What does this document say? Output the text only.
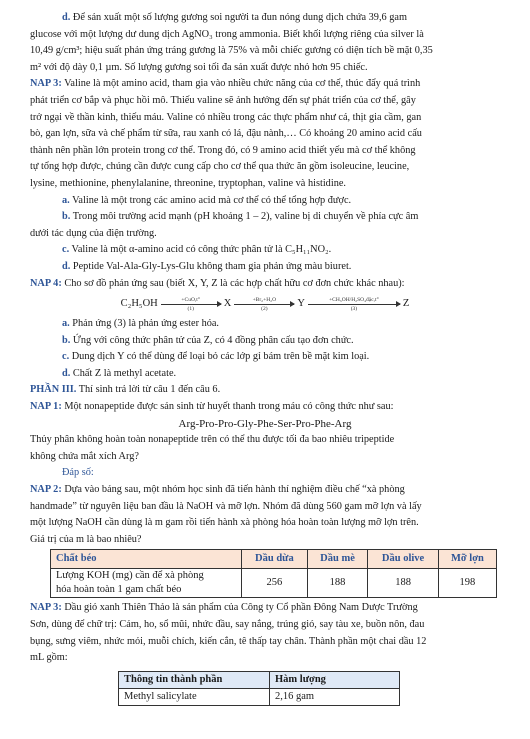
d. Để sản xuất một số lượng gương soi người ta đun nóng dung dịch chứa 39,6 gam

glucose với một lượng dư dung dịch AgNO₃ trong ammonia. Biết khối lượng riêng của silver là

10,49 g/cm³; hiệu suất phản ứng tráng gương là 75% và mỗi chiếc gương có diện tích bề mặt 0,35

m² với độ dày 0,1 µm. Số lượng gương soi tối đa sản xuất được nhỏ hơn 95 chiếc.

NAP 3: Valine là một amino acid, tham gia vào nhiều chức năng của cơ thể, thúc đẩy quá trình

phát triển cơ bắp và phục hồi mô. Thiếu valine sẽ ảnh hưởng đến sự phát triển của cơ thể, gây

trở ngại về thần kinh, thiếu máu. Valine có nhiều trong các thực phẩm như cá, thịt gia cầm, gan

bò, gan lợn, sữa và chế phẩm từ sữa, rau xanh có lá, đậu nành,… Có khoảng 20 amino acid cấu

thành nên phần lớn protein trong cơ thể. Trong đó, có 9 amino acid thiết yếu mà cơ thể không

tự tổng hợp được, chúng cần được cung cấp cho cơ thể qua thức ăn gồm isoleucine, leucine,

lysine, methionine, phenylalanine, threonine, tryptophan, valine và histidine.

a. Valine là một trong các amino acid mà cơ thể có thể tổng hợp được.

b. Trong môi trường acid mạnh (pH khoảng 1 – 2), valine bị di chuyển về phía cực âm

dưới tác dụng của điện trường.

c. Valine là một α-amino acid có công thức phân tử là C₅H₁₁NO₂.

d. Peptide Val-Ala-Gly-Lys-Glu không tham gia phản ứng màu biuret.

NAP 4: Cho sơ đồ phản ứng sau (biết X, Y, Z là các hợp chất hữu cơ đơn chức khác nhau):

C₂H₅OH	+CuO,t°
(1)	X	+Br₂+H₂O
(2)	Y	+CH₃OH/H₂SO₄đặc,t°
(3)	Z

a. Phản ứng (3) là phản ứng ester hóa.

b. Ứng với công thức phân tử của Z, có 4 đồng phân cấu tạo đơn chức.

c. Dung dịch Y có thể dùng để loại bỏ các lớp gỉ bám trên bề mặt kim loại.

d. Chất Z là methyl acetate.

PHẦN III. Thí sinh trả lời từ câu 1 đến câu 6.

NAP 1: Một nonapeptide được sản sinh từ huyết thanh trong máu có công thức như sau:

Arg-Pro-Pro-Gly-Phe-Ser-Pro-Phe-Arg

Thủy phân không hoàn toàn nonapeptide trên có thể thu được tối đa bao nhiêu tripeptide

không chứa mắt xích Arg?

Đáp số:

NAP 2: Dựa vào bảng sau, một nhóm học sinh đã tiến hành thí nghiệm điều chế “xà phòng

handmade” từ nguyên liệu ban đầu là NaOH và mỡ lợn. Nhóm đã dùng 560 gam mỡ lợn và lấy

một lượng NaOH cần dùng là m gam rồi tiến hành xà phòng hóa hoàn toàn lượng mỡ lợn trên.

Giá trị của m là bao nhiêu?

Chất béo	Dầu dừa	Dầu mè	Dầu olive	Mỡ lợn
Lượng KOH (mg) cần để xà phòng
hóa hoàn toàn 1 gam chất béo	256	188	188	198

NAP 3: Dầu gió xanh Thiên Thảo là sản phẩm của Công ty Cổ phần Đông Nam Dược Trường

Sơn, dùng để chữ trị: Cảm, ho, sổ mũi, nhức đầu, say nắng, trúng gió, say tàu xe, buồn nôn, đau

bụng, sưng viêm, nhức mỏi, muỗi chích, kiến cắn, tê thấp tay chân. Thành phần một chai dầu 12

mL gồm:

Thông tin thành phần	Hàm lượng
Methyl salicylate	2,16 gam
